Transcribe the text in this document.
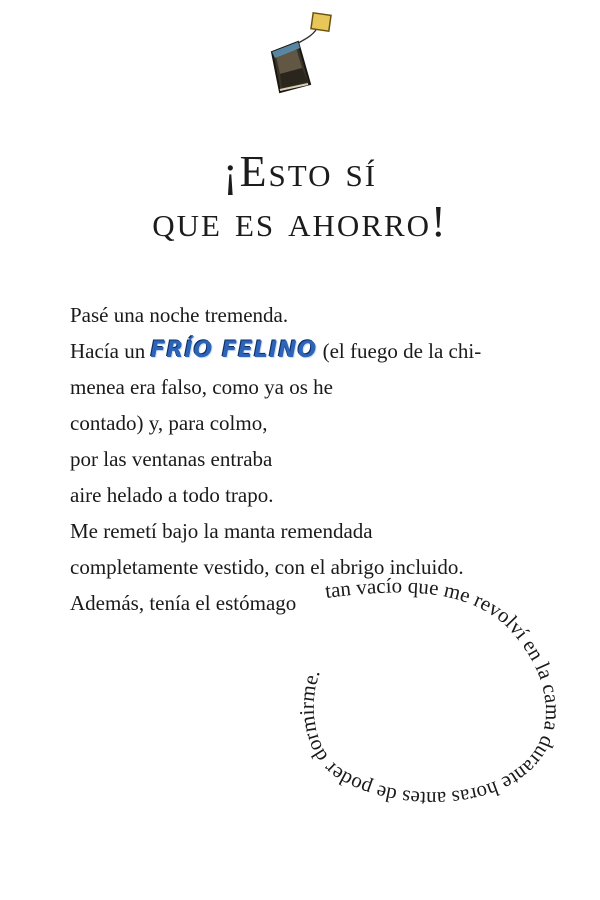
¡Esto sí
que es ahorro!
Pasé una noche tremenda.
Hacía un FRÍO FELINO (el fuego de la chi-
menea era falso, como ya os he
contado) y, para colmo,
por las ventanas entraba
aire helado a todo trapo.
Me remetí bajo la manta remendada
completamente vestido, con el abrigo incluido.
Además, tenía el estómago
tan vacío que me revolví en la cama durante horas antes de poder dormirme.
